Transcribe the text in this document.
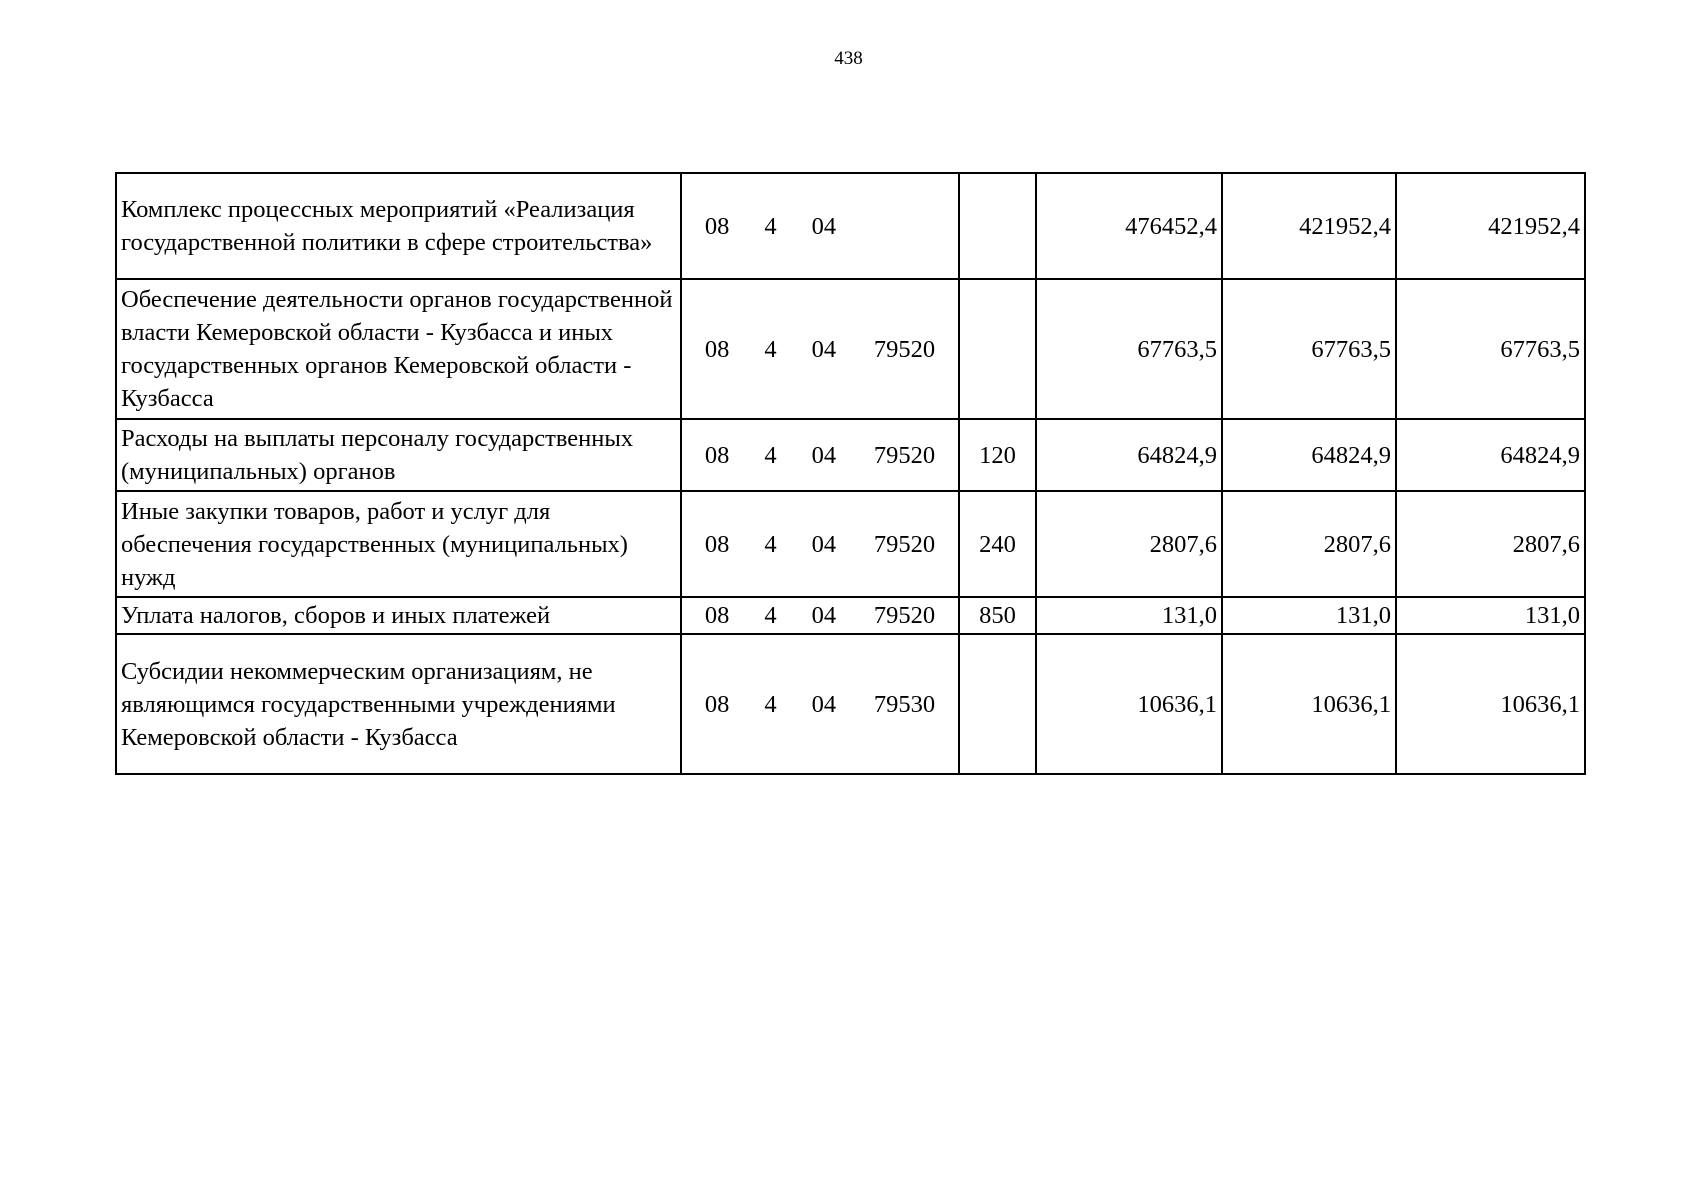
438
Комплекс процессных мероприятий «Реализация государственной политики в сфере строительства»	08 4 04		476452,4	421952,4	421952,4
Обеспечение деятельности органов государственной власти Кемеровской области - Кузбасса и иных государственных органов Кемеровской области - Кузбасса	08 4 04 79520		67763,5	67763,5	67763,5
Расходы на выплаты персоналу государственных (муниципальных) органов	08 4 04 79520	120	64824,9	64824,9	64824,9
Иные закупки товаров, работ и услуг для обеспечения государственных (муниципальных) нужд	08 4 04 79520	240	2807,6	2807,6	2807,6
Уплата налогов, сборов и иных платежей	08 4 04 79520	850	131,0	131,0	131,0
Субсидии некоммерческим организациям, не являющимся государственными учреждениями Кемеровской области - Кузбасса	08 4 04 79530		10636,1	10636,1	10636,1
